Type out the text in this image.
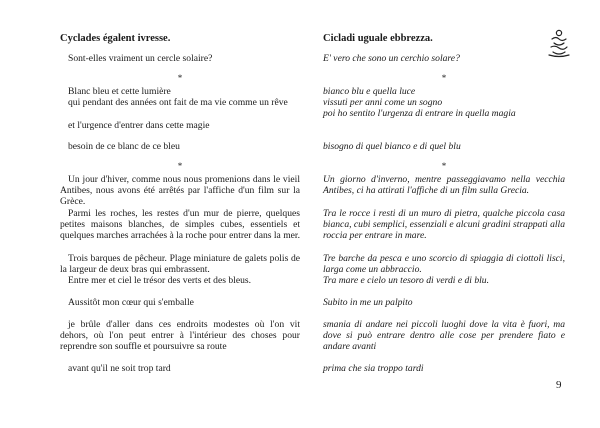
Cyclades égalent ivresse.
Sont-elles vraiment un cercle solaire?
*
Blanc bleu et cette lumière
qui pendant des années ont fait de ma vie comme un rêve
et l'urgence d'entrer dans cette magie
besoin de ce blanc de ce bleu
*
Un jour d'hiver, comme nous nous promenions dans le vieil Antibes, nous avons été arrêtés par l'affiche d'un film sur la Grèce.
Parmi les roches, les restes d'un mur de pierre, quelques petites maisons blanches, de simples cubes, essentiels et quelques marches arrachées à la roche pour entrer dans la mer.
Trois barques de pêcheur. Plage miniature de galets polis de la largeur de deux bras qui embrassent.
Entre mer et ciel le trésor des verts et des bleus.
Aussitôt mon cœur qui s'emballe
je brûle d'aller dans ces endroits modestes où l'on vit dehors, où l'on peut entrer à l'intérieur des choses pour reprendre son souffle et poursuivre sa route
avant qu'il ne soit trop tard
Cicladi uguale ebbrezza.
E' vero che sono un cerchio solare?
*
bianco blu e quella luce
vissuti per anni come un sogno
poi ho sentito l'urgenza di entrare in quella magia
bisogno di quel bianco e di quel blu
*
Un giorno d'inverno, mentre passeggiavamo nella vecchia Antibes, ci ha attirati l'affiche di un film sulla Grecia.
Tra le rocce i resti di un muro di pietra, qualche piccola casa bianca, cubi semplici, essenziali e alcuni gradini strappati alla roccia per entrare in mare.
Tre barche da pesca e uno scorcio di spiaggia di ciottoli lisci, larga come un abbraccio.
Tra mare e cielo un tesoro di verdi e di blu.
Subito in me un palpito
smania di andare nei piccoli luoghi dove la vita è fuori, ma dove si può entrare dentro alle cose per prendere fiato e andare avanti
prima che sia troppo tardi
9
